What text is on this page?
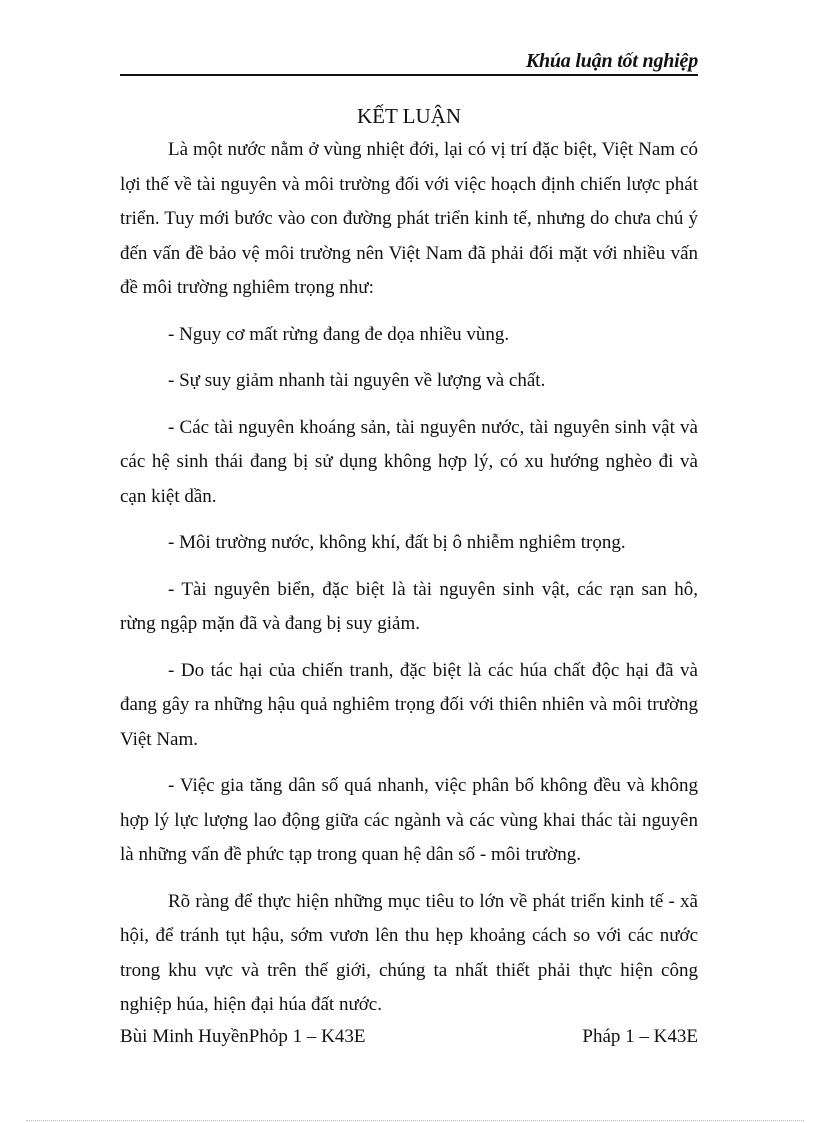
Khúa luận tốt nghiệp
KẾT LUẬN

Là một nước nằm ở vùng nhiệt đới, lại có vị trí đặc biệt, Việt Nam có lợi thế về tài nguyên và môi trường đối với việc hoạch định chiến lược phát triển. Tuy mới bước vào con đường phát triển kinh tế, nhưng do chưa chú ý đến vấn đề bảo vệ môi trường nên Việt Nam đã phải đối mặt với nhiều vấn đề môi trường nghiêm trọng như:

- Nguy cơ mất rừng đang đe dọa nhiều vùng.

- Sự suy giảm nhanh tài nguyên về lượng và chất.

- Các tài nguyên khoáng sản, tài nguyên nước, tài nguyên sinh vật và các hệ sinh thái đang bị sử dụng không hợp lý, có xu hướng nghèo đi và cạn kiệt dần.

- Môi trường nước, không khí, đất bị ô nhiễm nghiêm trọng.

- Tài nguyên biển, đặc biệt là tài nguyên sinh vật, các rạn san hô, rừng ngập mặn đã và đang bị suy giảm.

- Do tác hại của chiến tranh, đặc biệt là các húa chất độc hại đã và đang gây ra những hậu quả nghiêm trọng đối với thiên nhiên và môi trường Việt Nam.

- Việc gia tăng dân số quá nhanh, việc phân bố không đều và không hợp lý lực lượng lao động giữa các ngành và các vùng khai thác tài nguyên là những vấn đề phức tạp trong quan hệ dân số - môi trường.

Rõ ràng để thực hiện những mục tiêu to lớn về phát triển kinh tế - xã hội, để tránh tụt hậu, sớm vươn lên thu hẹp khoảng cách so với các nước trong khu vực và trên thế giới, chúng ta nhất thiết phải thực hiện công nghiệp húa, hiện đại húa đất nước.

Bùi Minh HuyềnPhỏp 1 – K43E	Pháp 1 – K43E
